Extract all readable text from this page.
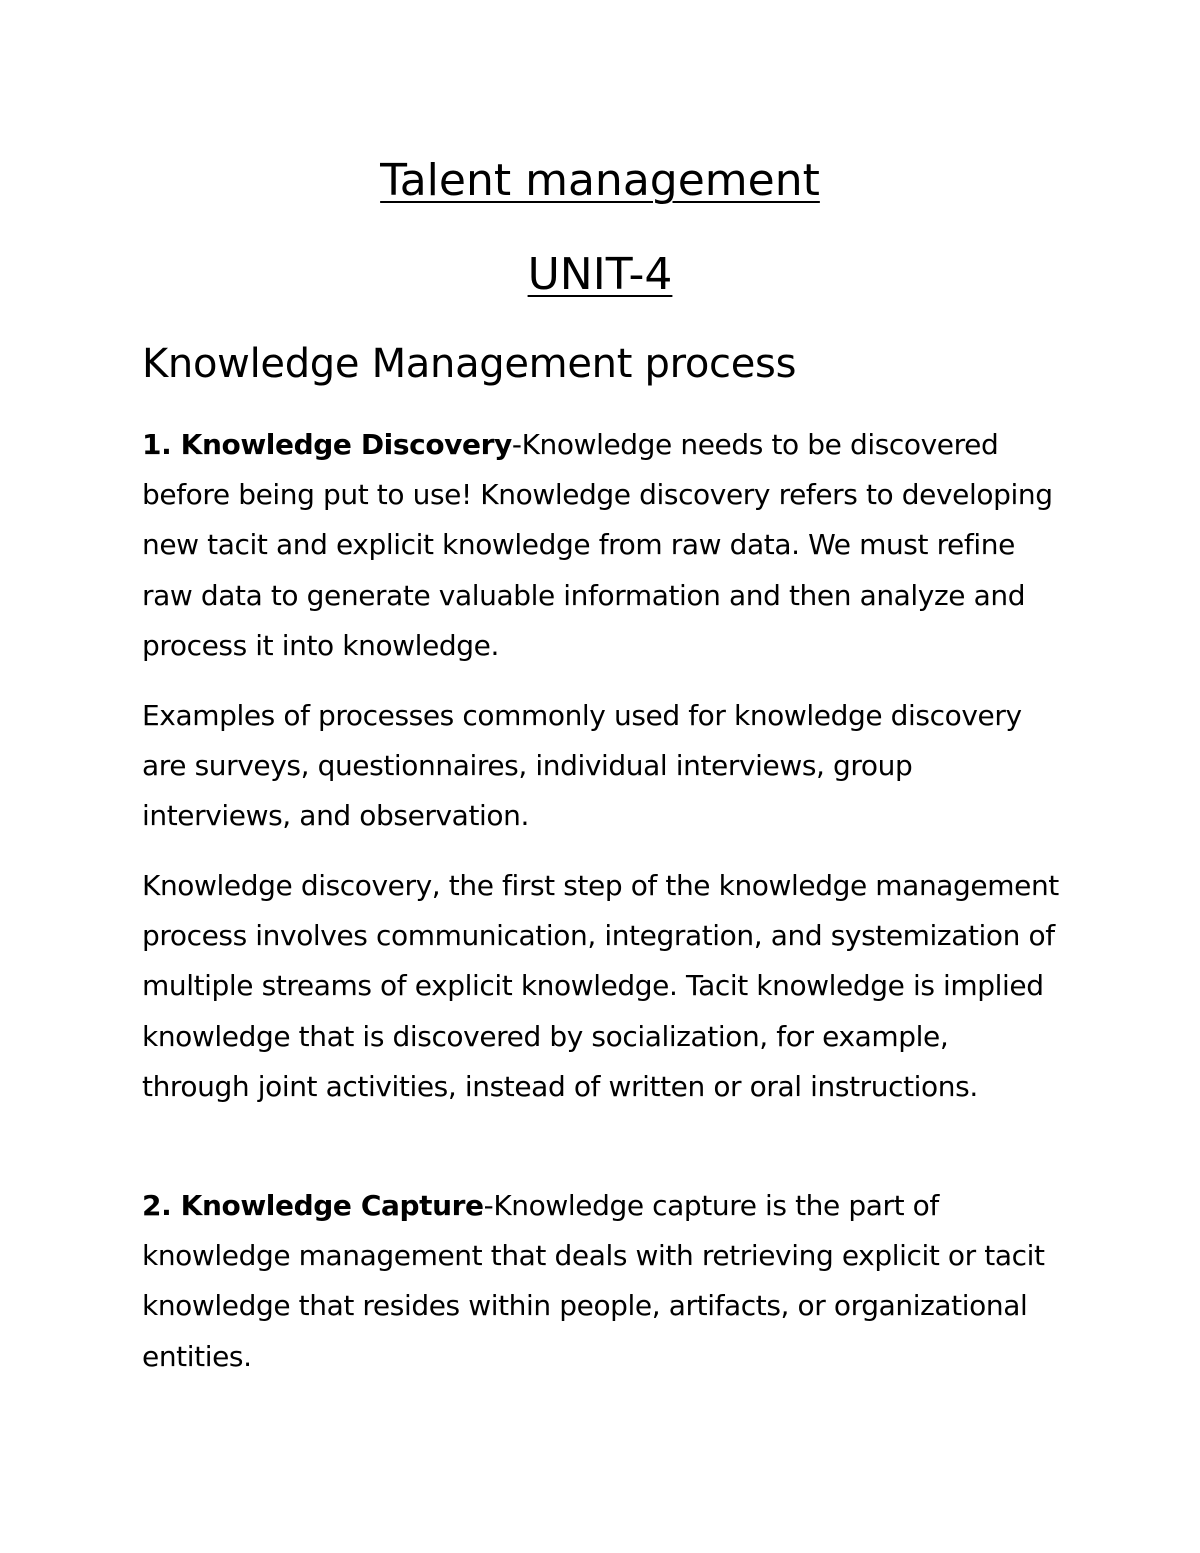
Talent management
UNIT-4
Knowledge Management process

1. Knowledge Discovery-Knowledge needs to be discovered before being put to use! Knowledge discovery refers to developing new tacit and explicit knowledge from raw data. We must refine raw data to generate valuable information and then analyze and process it into knowledge.

Examples of processes commonly used for knowledge discovery are surveys, questionnaires, individual interviews, group interviews, and observation.

Knowledge discovery, the first step of the knowledge management process involves communication, integration, and systemization of multiple streams of explicit knowledge. Tacit knowledge is implied knowledge that is discovered by socialization, for example, through joint activities, instead of written or oral instructions.

2. Knowledge Capture-Knowledge capture is the part of knowledge management that deals with retrieving explicit or tacit knowledge that resides within people, artifacts, or organizational entities.
